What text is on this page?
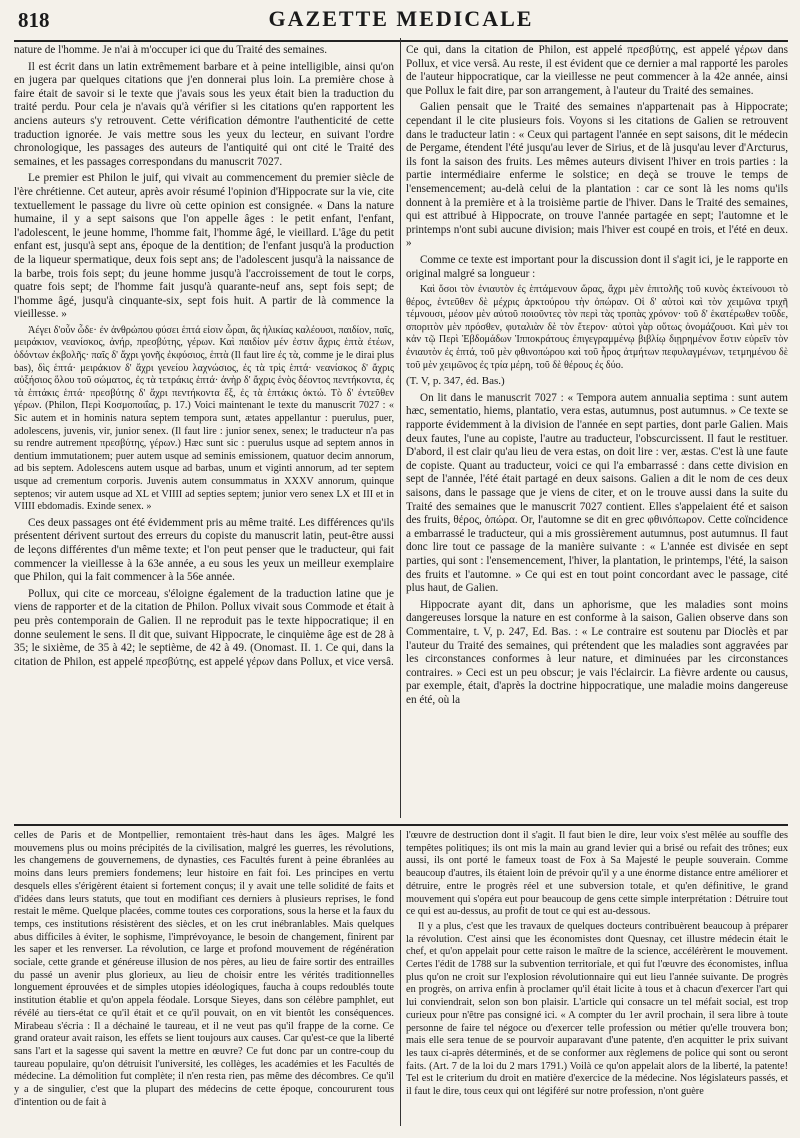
818	GAZETTE MEDICALE

nature de l'homme. Je n'ai à m'occuper ici que du Traité des semaines.

Il est écrit dans un latin extrêmement barbare et à peine intelligible, ainsi qu'on en jugera par quelques citations que j'en donnerai plus loin. La première chose à faire était de savoir si le texte que j'avais sous les yeux était bien la traduction du traité perdu. Pour cela je n'avais qu'à vérifier si les citations qu'en rapportent les anciens auteurs s'y retrouvent. Cette vérification démontre l'authenticité de cette traduction ignorée. Je vais mettre sous les yeux du lecteur, en suivant l'ordre chronologique, les passages des auteurs de l'antiquité qui ont cité le Traité des semaines, et les passages correspondans du manuscrit 7027.

Le premier est Philon le juif, qui vivait au commencement du premier siècle de l'ère chrétienne. Cet auteur, après avoir résumé l'opinion d'Hippocrate sur la vie, cite textuellement le passage du livre où cette opinion est consignée. « Dans la nature humaine, il y a sept saisons que l'on appelle âges : le petit enfant, l'enfant, l'adolescent, le jeune homme, l'homme fait, l'homme âgé, le vieillard. L'âge du petit enfant est, jusqu'à sept ans, époque de la dentition; de l'enfant jusqu'à la production de la liqueur spermatique, deux fois sept ans; de l'adolescent jusqu'à la naissance de la barbe, trois fois sept; du jeune homme jusqu'à l'accroissement de tout le corps, quatre fois sept; de l'homme fait jusqu'à quarante-neuf ans, sept fois sept; de l'homme âgé, jusqu'à cinquante-six, sept fois huit. A partir de là commence la vieillesse. »

Ἀέγει δ'οὖν ὧδε· ἐν ἀνθρώπου φύσει ἑπτά εἰσιν ὧραι, ἃς ἡλικίας καλέουσι, παιδίον, παῖς, μειράκιον, νεανίσκος, ἀνήρ, πρεσβύτης, γέρων. Καὶ παιδίον μέν ἐστιν ἄχρις ἑπτὰ ἐτέων, ὀδόντων ἐκβολῆς· παῖς δ' ἄχρι γονῆς ἐκφύσιος, ἑπτὰ (Il faut lire ἐς τὰ, comme je le dirai plus bas), δὶς ἑπτά· μειράκιον δ' ἄχρι γενείου λαχνώσιος, ἐς τὰ τρὶς ἑπτά· νεανίσκος δ' ἄχρις αὐξήσιος ὅλου τοῦ σώματος, ἐς τὰ τετράκις ἑπτά· ἀνὴρ δ' ἄχρις ἑνὸς δέοντος πεντήκοντα, ἐς τὰ ἑπτάκις ἑπτά· πρεσβύτης δ' ἄχρι πεντήκοντα ἕξ, ἐς τὰ ἑπτάκις ὀκτώ. Τὸ δ' ἐντεῦθεν γέρων. (Philon, Περὶ Κοσμοποιΐας, p. 17.) Voici maintenant le texte du manuscrit 7027 : « Sic autem et in hominis natura septem tempora sunt, ætates appellantur : puerulus, puer, adolescens, juvenis, vir, junior senex. (Il faut lire : junior senex, senex; le traducteur n'a pas su rendre autrement πρεσβύτης, γέρων.) Hæc sunt sic : puerulus usque ad septem annos in dentium immutationem; puer autem usque ad seminis emissionem, quatuor decim annorum, ad bis septem. Adolescens autem usque ad barbas, unum et viginti annorum, ad ter septem usque ad crementum corporis. Juvenis autem consummatus in XXXV annorum, quinque septenos; vir autem usque ad XL et VIIII ad septies septem; junior vero senex LX et III et in VIIII ebdomadis. Exinde senex. »

Ces deux passages ont été évidemment pris au même traité. Les différences qu'ils présentent dérivent surtout des erreurs du copiste du manuscrit latin, peut-être aussi de leçons différentes d'un même texte; et l'on peut penser que le traducteur, qui fait commencer la vieillesse à la 63e année, a eu sous les yeux un meilleur exemplaire que Philon, qui la fait commencer à la 56e année.

Pollux, qui cite ce morceau, s'éloigne également de la traduction latine que je viens de rapporter et de la citation de Philon. Pollux vivait sous Commode et était à peu près contemporain de Galien. Il ne reproduit pas le texte hippocratique; il en donne seulement le sens. Il dit que, suivant Hippocrate, le cinquième âge est de 28 à 35; le sixième, de 35 à 42; le septième, de 42 à 49. (Onomast. II. 1. Ce qui, dans la citation de Philon, est appelé πρεσβύτης, est appelé γέρων dans Pollux, et vice versâ.

Ce qui, dans la citation de Philon, est appelé πρεσβύτης, est appelé γέρων dans Pollux, et vice versâ. Au reste, il est évident que ce dernier a mal rapporté les paroles de l'auteur hippocratique, car la vieillesse ne peut commencer à la 42e année, ainsi que Pollux le fait dire, par son arrangement, à l'auteur du Traité des semaines.

Galien pensait que le Traité des semaines n'appartenait pas à Hippocrate; cependant il le cite plusieurs fois. Voyons si les citations de Galien se retrouvent dans le traducteur latin : « Ceux qui partagent l'année en sept saisons, dit le médecin de Pergame, étendent l'été jusqu'au lever de Sirius, et de là jusqu'au lever d'Arcturus, ils font la saison des fruits. Les mêmes auteurs divisent l'hiver en trois parties : la partie intermédiaire enferme le solstice; en deçà se trouve le temps de l'ensemencement; au-delà celui de la plantation : car ce sont là les noms qu'ils donnent à la première et à la troisième partie de l'hiver. Dans le Traité des semaines, qui est attribué à Hippocrate, on trouve l'année partagée en sept; l'automne et le printemps n'ont subi aucune division; mais l'hiver est coupé en trois, et l'été en deux. »

Comme ce texte est important pour la discussion dont il s'agit ici, je le rapporte en original malgré sa longueur :

Καὶ ὅσοι τὸν ἐνιαυτὸν ἐς ἑπτάμενουν ὥρας, ἄχρι μὲν ἐπιτολῆς τοῦ κυνὸς ἐκτείνουσι τὸ θέρος, ἐντεῦθεν δὲ μέχρις ἀρκτούρου τὴν ὀπώραν. Οἱ δ' αὐτοὶ καὶ τὸν χειμῶνα τριχῆ τέμνουσι, μέσον μὲν αὐτοῦ ποιοῦντες τὸν περὶ τὰς τροπὰς χρόνον· τοῦ δ' ἑκατέρωθεν τοῦδε, σποριτὸν μὲν πρόσθεν, φυταλιὰν δὲ τὸν ἕτερον· αὐτοὶ γὰρ οὕτως ὀνομάζουσι. Καὶ μὲν τοι κἀν τῷ Περὶ Ἑβδομάδων Ἱπποκράτους ἐπιγεγραμμένῳ βιβλίῳ διῃρημένον ἔστιν εὑρεῖν τὸν ἐνιαυτὸν ἐς ἑπτά, τοῦ μὲν φθινοπώρου καὶ τοῦ ἦρος ἀτμήτων πεφυλαγμένων, τετμημένου δὲ τοῦ μὲν χειμῶνος ἐς τρία μέρη, τοῦ δὲ θέρους ἐς δύο.

(T. V, p. 347, éd. Bas.)

On lit dans le manuscrit 7027 : « Tempora autem annualia septima : sunt autem hæc, sementatio, hiems, plantatio, vera estas, autumnus, post autumnus. » Ce texte se rapporte évidemment à la division de l'année en sept parties, dont parle Galien. Mais deux fautes, l'une au copiste, l'autre au traducteur, l'obscurcissent. Il faut le restituer. D'abord, il est clair qu'au lieu de vera estas, on doit lire : ver, æstas. C'est là une faute de copiste. Quant au traducteur, voici ce qui l'a embarrassé : dans cette division en sept de l'année, l'été était partagé en deux saisons. Galien a dit le nom de ces deux saisons, dans le passage que je viens de citer, et on le trouve aussi dans la suite du Traité des semaines que le manuscrit 7027 contient. Elles s'appelaient été et saison des fruits, θέρος, ὀπώρα. Or, l'automne se dit en grec φθινόπωρον. Cette coïncidence a embarrassé le traducteur, qui a mis grossièrement autumnus, post autumnus. Il faut donc lire tout ce passage de la manière suivante : « L'année est divisée en sept parties, qui sont : l'ensemencement, l'hiver, la plantation, le printemps, l'été, la saison des fruits et l'automne. » Ce qui est en tout point concordant avec le passage, cité plus haut, de Galien.

Hippocrate ayant dit, dans un aphorisme, que les maladies sont moins dangereuses lorsque la nature en est conforme à la saison, Galien observe dans son Commentaire, t. V, p. 247, Ed. Bas. : « Le contraire est soutenu par Dioclès et par l'auteur du Traité des semaines, qui prétendent que les maladies sont aggravées par les circonstances conformes à leur nature, et diminuées par les circonstances contraires. » Ceci est un peu obscur; je vais l'éclaircir. La fièvre ardente ou causus, par exemple, était, d'après la doctrine hippocratique, une maladie moins dangereuse en été, où la

celles de Paris et de Montpellier, remontaient très-haut dans les âges. Malgré les mouvemens plus ou moins précipités de la civilisation, malgré les guerres, les révolutions, les changemens de gouvernemens, de dynasties, ces Facultés furent à peine ébranlées au moins dans leurs premiers fondemens; leur histoire en fait foi. Les principes en vertu desquels elles s'érigèrent étaient si fortement conçus; il y avait une telle solidité de faits et d'idées dans leurs statuts, que tout en modifiant ces derniers à plusieurs reprises, le fond restait le même. Quelque placées, comme toutes ces corporations, sous la herse et la faux du temps, ces institutions résistèrent des siècles, et on les crut inébranlables. Mais quelques abus difficiles à éviter, le sophisme, l'imprévoyance, le besoin de changement, finirent par les saper et les renverser. La révolution, ce large et profond mouvement de régénération sociale, cette grande et généreuse illusion de nos pères, au lieu de faire sortir des entrailles du passé un avenir plus glorieux, au lieu de choisir entre les vérités traditionnelles longuement éprouvées et de simples utopies idéologiques, faucha à coups redoublés toute institution établie et qu'on appela féodale. Lorsque Sieyes, dans son célèbre pamphlet, eut révélé au tiers-état ce qu'il était et ce qu'il pouvait, on en vit bientôt les conséquences. Mirabeau s'écria : Il a déchainé le taureau, et il ne veut pas qu'il frappe de la corne. Ce grand orateur avait raison, les effets se lient toujours aux causes. Car qu'est-ce que la liberté sans l'art et la sagesse qui savent la mettre en œuvre? Ce fut donc par un contre-coup du taureau populaire, qu'on détruisit l'université, les collèges, les académies et les Facultés de médecine. La démolition fut complète; il n'en resta rien, pas même des décombres. Ce qu'il y a de singulier, c'est que la plupart des médecins de cette époque, concoururent tous d'intention ou de fait à

l'œuvre de destruction dont il s'agit. Il faut bien le dire, leur voix s'est mêlée au souffle des tempêtes politiques; ils ont mis la main au grand levier qui a brisé ou refait des trônes; eux aussi, ils ont porté le fameux toast de Fox à Sa Majesté le peuple souverain. Comme beaucoup d'autres, ils étaient loin de prévoir qu'il y a une énorme distance entre améliorer et détruire, entre le progrès réel et une subversion totale, et qu'en définitive, le grand mouvement qui s'opéra eut pour beaucoup de gens cette simple interprétation : Détruire tout ce qui est au-dessus, au profit de tout ce qui est au-dessous.

Il y a plus, c'est que les travaux de quelques docteurs contribuèrent beaucoup à préparer la révolution. C'est ainsi que les économistes dont Quesnay, cet illustre médecin était le chef, et qu'on appelait pour cette raison le maître de la science, accélérèrent le mouvement. Certes l'édit de 1788 sur la subvention territoriale, et qui fut l'œuvre des économistes, influa plus qu'on ne croit sur l'explosion révolutionnaire qui eut lieu l'année suivante. De progrès en progrès, on arriva enfin à proclamer qu'il était licite à tous et à chacun d'exercer l'art qui lui conviendrait, selon son bon plaisir. L'article qui consacre un tel méfait social, est trop curieux pour n'être pas consigné ici. « A compter du 1er avril prochain, il sera libre à toute personne de faire tel négoce ou d'exercer telle profession ou métier qu'elle trouvera bon; mais elle sera tenue de se pourvoir auparavant d'une patente, d'en acquitter le prix suivant les taux ci-après déterminés, et de se conformer aux règlemens de police qui sont ou seront faits. (Art. 7 de la loi du 2 mars 1791.) Voilà ce qu'on appelait alors de la liberté, la patente! Tel est le criterium du droit en matière d'exercice de la médecine. Nos législateurs passés, et il faut le dire, tous ceux qui ont légiféré sur notre profession, n'ont guère
